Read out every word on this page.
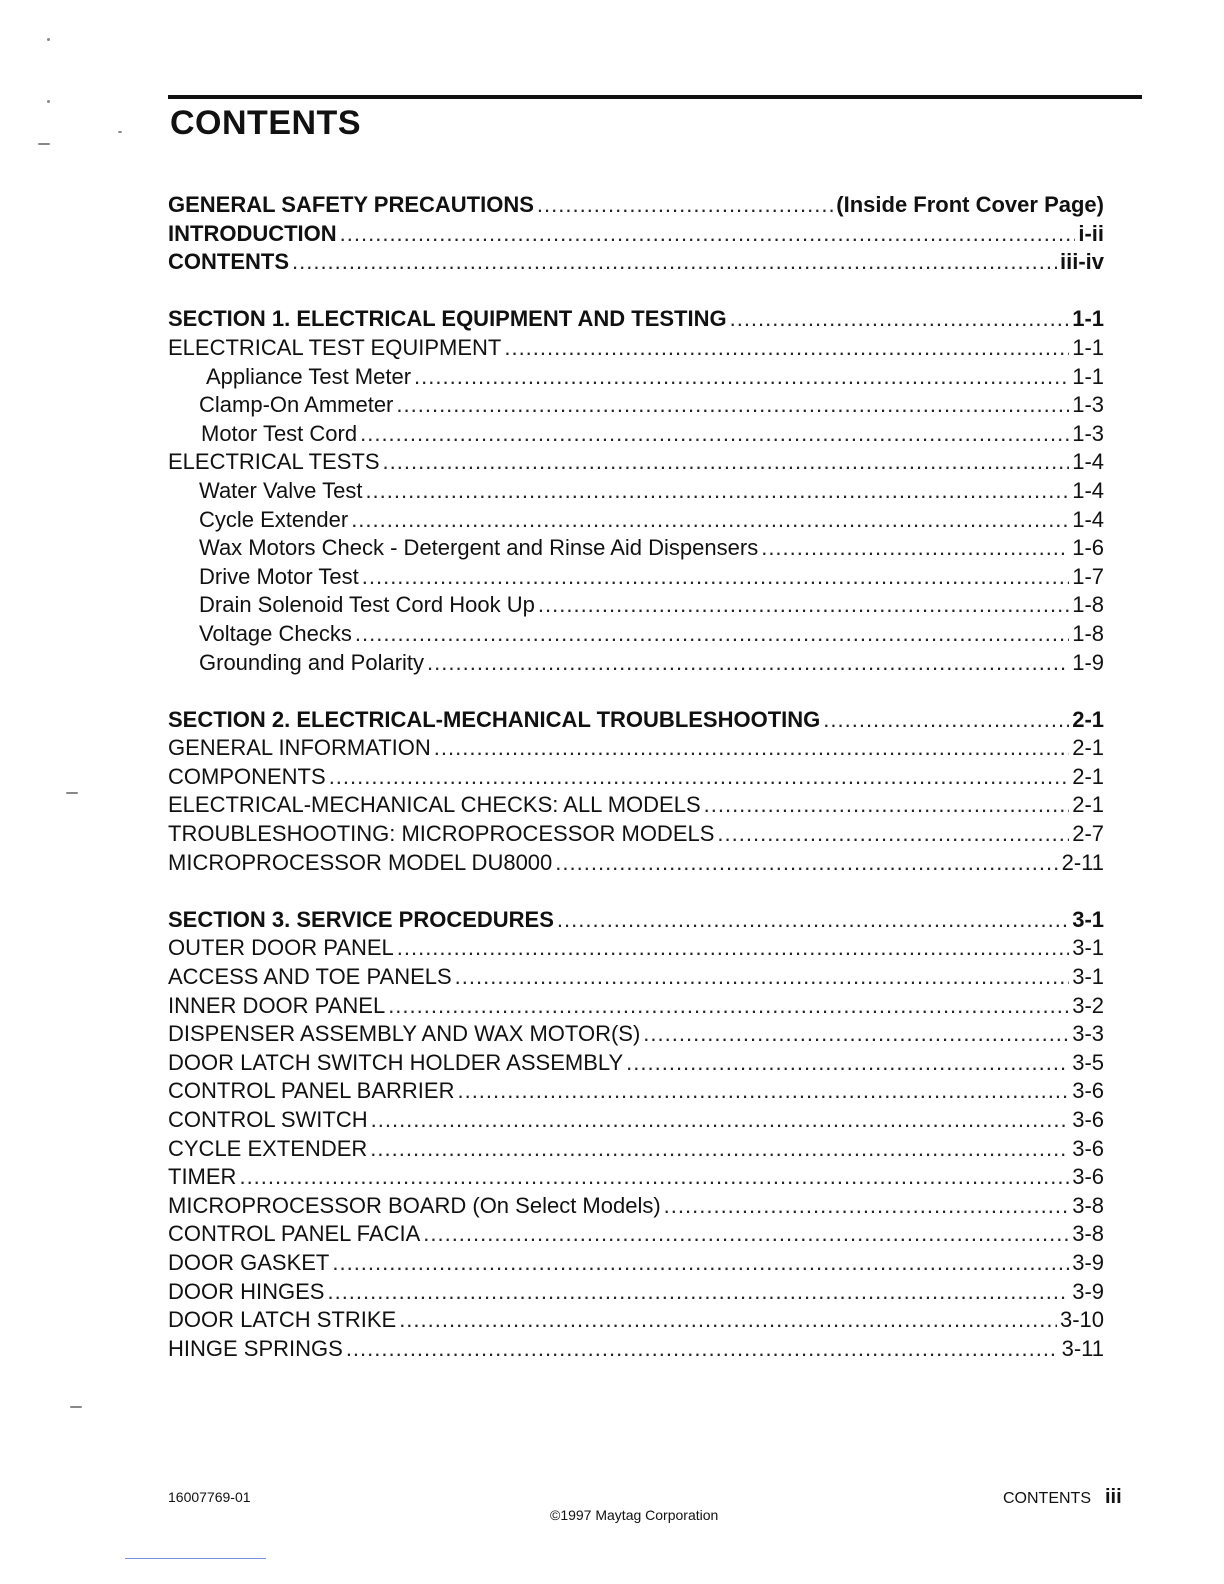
CONTENTS
GENERAL SAFETY PRECAUTIONS .....	(Inside Front Cover Page)
INTRODUCTION .....	i-ii
CONTENTS .....	iii-iv
SECTION 1. ELECTRICAL EQUIPMENT AND TESTING .....	1-1
ELECTRICAL TEST EQUIPMENT .....	1-1
Appliance Test Meter .....	1-1
Clamp-On Ammeter .....	1-3
Motor Test Cord .....	1-3
ELECTRICAL TESTS .....	1-4
Water Valve Test .....	1-4
Cycle Extender .....	1-4
Wax Motors Check - Detergent and Rinse Aid Dispensers .....	1-6
Drive Motor Test .....	1-7
Drain Solenoid Test Cord Hook Up .....	1-8
Voltage Checks .....	1-8
Grounding and Polarity .....	1-9
SECTION 2. ELECTRICAL-MECHANICAL TROUBLESHOOTING .....	2-1
GENERAL INFORMATION .....	2-1
COMPONENTS .....	2-1
ELECTRICAL-MECHANICAL CHECKS: ALL MODELS .....	2-1
TROUBLESHOOTING: MICROPROCESSOR MODELS .....	2-7
MICROPROCESSOR MODEL DU8000 .....	2-11
SECTION 3. SERVICE PROCEDURES .....	3-1
OUTER DOOR PANEL .....	3-1
ACCESS AND TOE PANELS .....	3-1
INNER DOOR PANEL .....	3-2
DISPENSER ASSEMBLY AND WAX MOTOR(S) .....	3-3
DOOR LATCH SWITCH HOLDER ASSEMBLY .....	3-5
CONTROL PANEL BARRIER .....	3-6
CONTROL SWITCH .....	3-6
CYCLE EXTENDER .....	3-6
TIMER .....	3-6
MICROPROCESSOR BOARD (On Select Models) .....	3-8
CONTROL PANEL FACIA .....	3-8
DOOR GASKET .....	3-9
DOOR HINGES .....	3-9
DOOR LATCH STRIKE .....	3-10
HINGE SPRINGS .....	3-11
16007769-01
©1997 Maytag Corporation
CONTENTS iii
